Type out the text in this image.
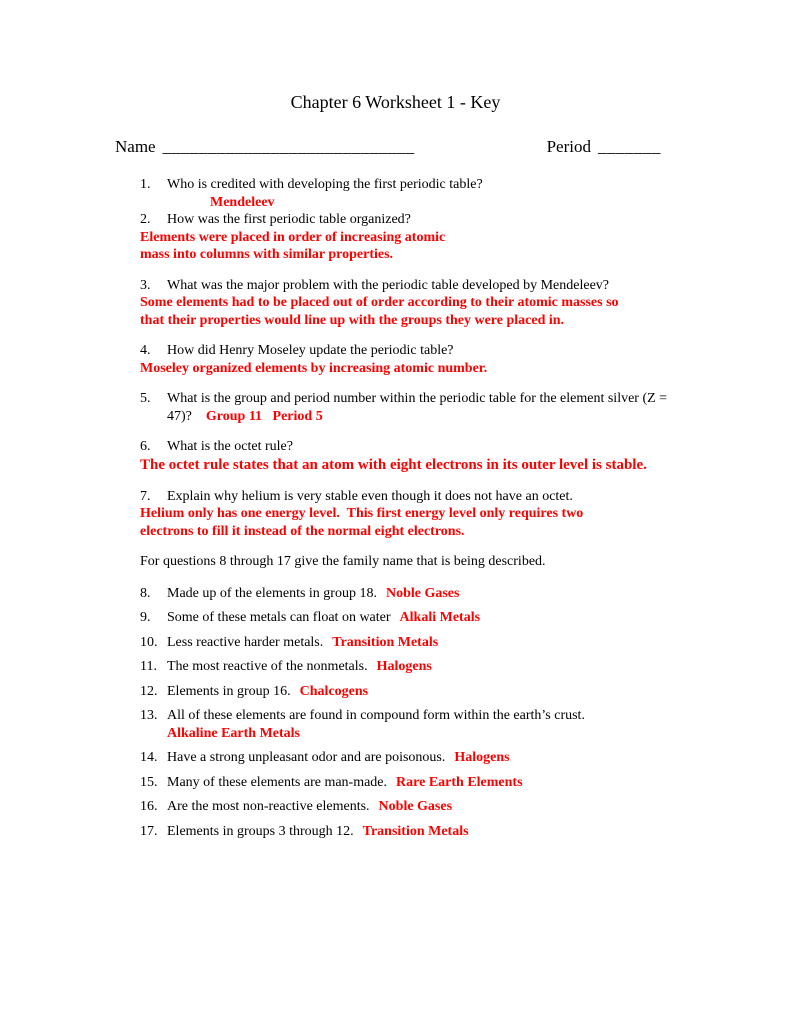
Chapter 6 Worksheet 1 - Key
Name ____________________________	Period _______
1. Who is credited with developing the first periodic table?
Mendeleev
2. How was the first periodic table organized?
Elements were placed in order of increasing atomic
mass into columns with similar properties.
3. What was the major problem with the periodic table developed by Mendeleev?
Some elements had to be placed out of order according to their atomic masses so
that their properties would line up with the groups they were placed in.
4. How did Henry Moseley update the periodic table?
Moseley organized elements by increasing atomic number.
5. What is the group and period number within the periodic table for the element silver (Z =
47)? Group 11   Period 5
6. What is the octet rule?
The octet rule states that an atom with eight electrons in its outer level is stable.
7. Explain why helium is very stable even though it does not have an octet.
Helium only has one energy level.  This first energy level only requires two
electrons to fill it instead of the normal eight electrons.
For questions 8 through 17 give the family name that is being described.
8. Made up of the elements in group 18. Noble Gases
9. Some of these metals can float on water Alkali Metals
10. Less reactive harder metals. Transition Metals
11. The most reactive of the nonmetals. Halogens
12. Elements in group 16. Chalcogens
13. All of these elements are found in compound form within the earth’s crust.
Alkaline Earth Metals
14. Have a strong unpleasant odor and are poisonous. Halogens
15. Many of these elements are man-made. Rare Earth Elements
16. Are the most non-reactive elements. Noble Gases
17. Elements in groups 3 through 12. Transition Metals
